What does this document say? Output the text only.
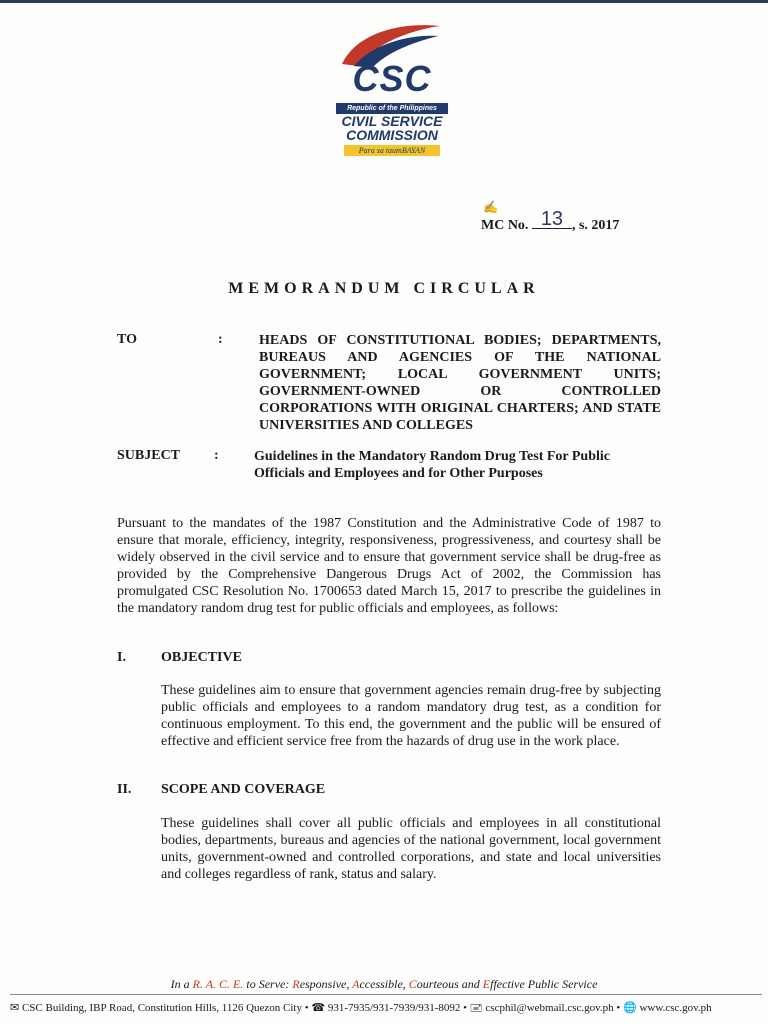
CSC
Republic of the Philippines
CIVIL SERVICE
COMMISSION
Para sa taumBAYAN
✍
MC No. 13 , s. 2017
MEMORANDUM CIRCULAR
TO	:	HEADS OF CONSTITUTIONAL BODIES; DEPARTMENTS, BUREAUS AND AGENCIES OF THE NATIONAL GOVERNMENT; LOCAL GOVERNMENT UNITS; GOVERNMENT-OWNED OR CONTROLLED CORPORATIONS WITH ORIGINAL CHARTERS; AND STATE UNIVERSITIES AND COLLEGES
SUBJECT :	Guidelines in the Mandatory Random Drug Test For Public Officials and Employees and for Other Purposes
Pursuant to the mandates of the 1987 Constitution and the Administrative Code of 1987 to ensure that morale, efficiency, integrity, responsiveness, progressiveness, and courtesy shall be widely observed in the civil service and to ensure that government service shall be drug-free as provided by the Comprehensive Dangerous Drugs Act of 2002, the Commission has promulgated CSC Resolution No. 1700653 dated March 15, 2017 to prescribe the guidelines in the mandatory random drug test for public officials and employees, as follows:
I.	OBJECTIVE
These guidelines aim to ensure that government agencies remain drug-free by subjecting public officials and employees to a random mandatory drug test, as a condition for continuous employment. To this end, the government and the public will be ensured of effective and efficient service free from the hazards of drug use in the work place.
II. SCOPE AND COVERAGE
These guidelines shall cover all public officials and employees in all constitutional bodies, departments, bureaus and agencies of the national government, local government units, government-owned and controlled corporations, and state and local universities and colleges regardless of rank, status and salary.
In a R. A. C. E. to Serve: Responsive, Accessible, Courteous and Effective Public Service
✉ CSC Building, IBP Road, Constitution Hills, 1126 Quezon City • ☎ 931-7935/931-7939/931-8092 • 🖃 cscphil@webmail.csc.gov.ph • 🌐 www.csc.gov.ph
